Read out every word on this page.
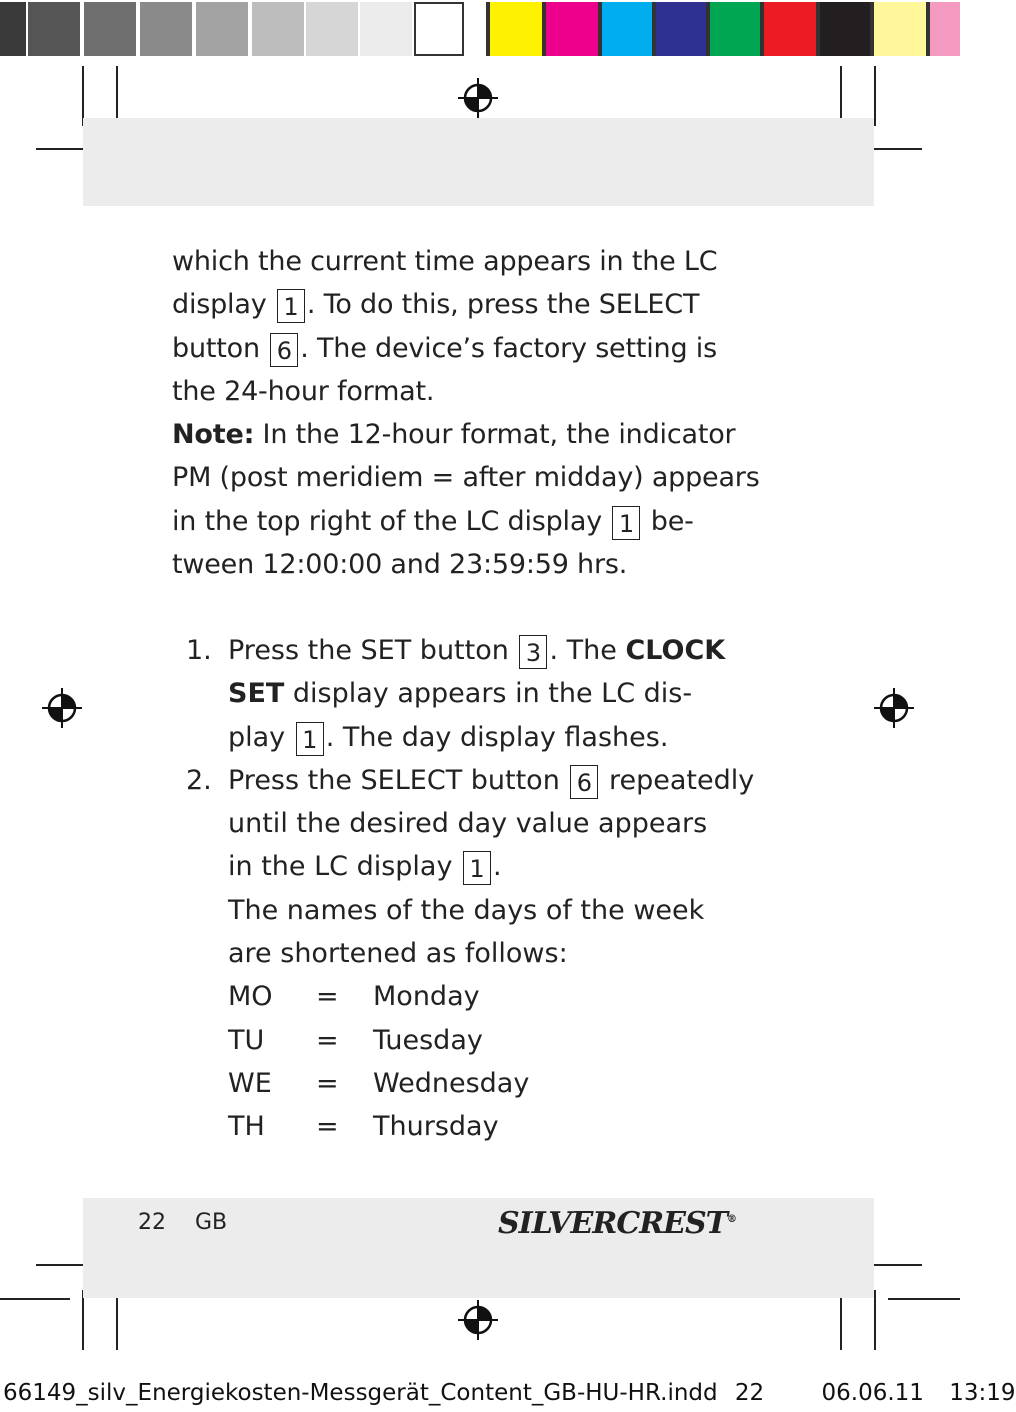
which the current time appears in the LC
display 1 . To do this, press the SELECT
button 6 . The device’s factory setting is
the 24-hour format.
Note: In the 12-hour format, the indicator
PM (post meridiem = after midday) appears
in the top right of the LC display 1 be-
tween 12:00:00 and 23:59:59 hrs.
1. Press the SET button 3 . The CLOCK
SET display appears in the LC dis-
play 1 . The day display flashes.
2. Press the SELECT button 6 repeatedly
until the desired day value appears
in the LC display 1 .
The names of the days of the week
are shortened as follows:
MO = Monday
TU = Tuesday
WE = Wednesday
TH = Thursday
22 GB	SILVERCREST®
66149_silv_Energiekosten-Messgerät_Content_GB-HU-HR.indd 22 06.06.11 13:19
